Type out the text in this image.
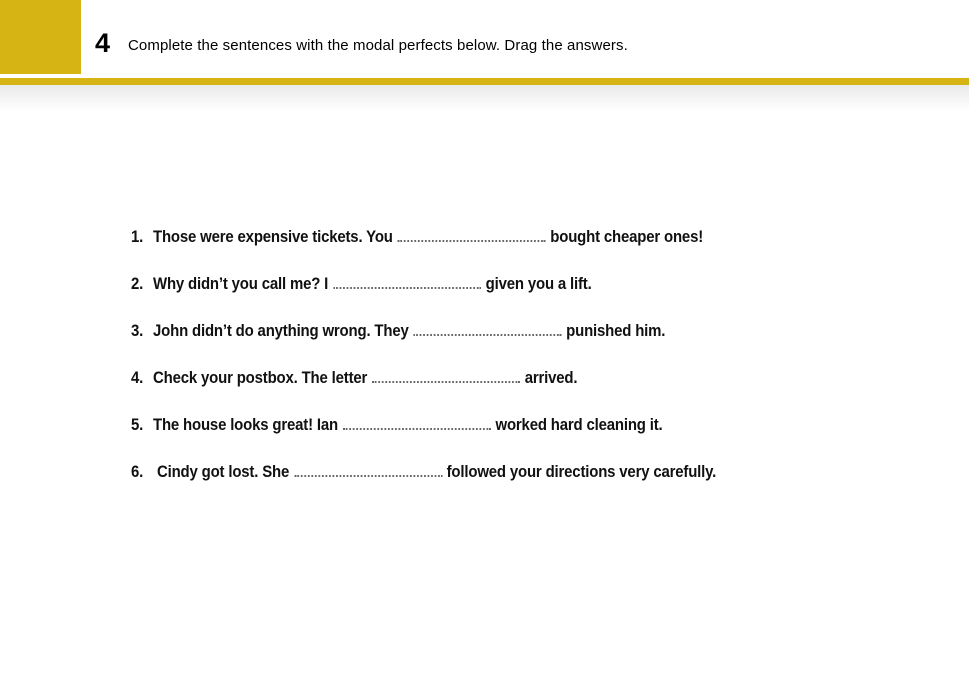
4 Complete the sentences with the modal perfects below. Drag the answers.
1. Those were expensive tickets. You	bought cheaper ones!
2. Why didn’t you call me? I	given you a lift.
3. John didn’t do anything wrong. They	punished him.
4. Check your postbox. The letter	arrived.
5. The house looks great! Ian	worked hard cleaning it.
6. Cindy got lost. She	followed your directions very carefully.
